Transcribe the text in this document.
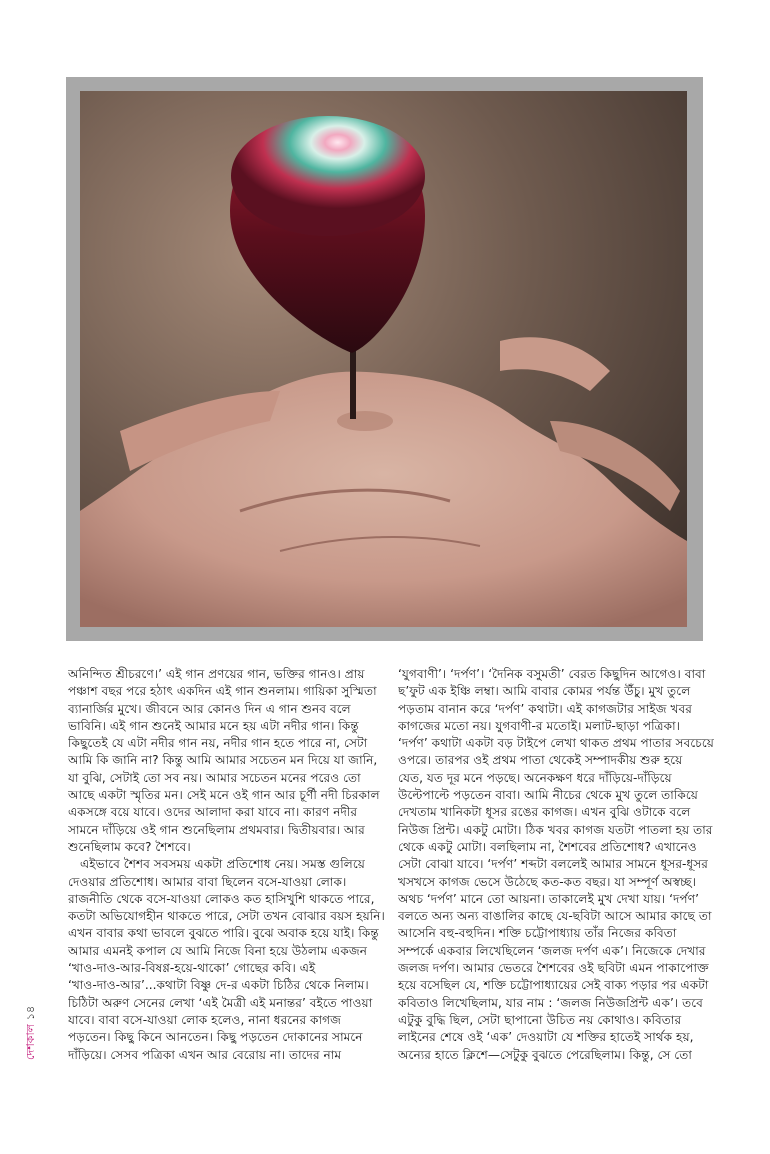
অনিন্দিত শ্রীচরণে।’ এই গান প্রণয়ের গান, ভক্তির গানও। প্রায়
পঞ্চাশ বছর পরে হঠাৎ একদিন এই গান শুনলাম। গায়িকা সুস্মিতা
ব্যানার্জির মুখে। জীবনে আর কোনও দিন এ গান শুনব বলে
ভাবিনি। এই গান শুনেই আমার মনে হয় এটা নদীর গান। কিন্তু
কিছুতেই যে এটা নদীর গান নয়, নদীর গান হতে পারে না, সেটা
আমি কি জানি না? কিন্তু আমি আমার সচেতন মন দিয়ে যা জানি,
যা বুঝি, সেটাই তো সব নয়। আমার সচেতন মনের পরেও তো
আছে একটা স্মৃতির মন। সেই মনে ওই গান আর চূর্ণী নদী চিরকাল
একসঙ্গে বয়ে যাবে। ওদের আলাদা করা যাবে না। কারণ নদীর
সামনে দাঁড়িয়ে ওই গান শুনেছিলাম প্রথমবার। দ্বিতীয়বার। আর
শুনেছিলাম কবে? শৈশবে।
এইভাবে শৈশব সবসময় একটা প্রতিশোধ নেয়। সমস্ত গুলিয়ে
দেওয়ার প্রতিশোধ। আমার বাবা ছিলেন বসে-যাওয়া লোক।
রাজনীতি থেকে বসে-যাওয়া লোকও কত হাসিখুশি থাকতে পারে,
কতটা অভিযোগহীন থাকতে পারে, সেটা তখন বোঝার বয়স হয়নি।
এখন বাবার কথা ভাবলে বুঝতে পারি। বুঝে অবাক হয়ে যাই। কিন্তু
আমার এমনই কপাল যে আমি নিজে বিনা হয়ে উঠলাম একজন
‘খাও-দাও-আর-বিষণ্ণ-হয়ে-থাকো’ গোছের কবি। এই
‘খাও-দাও-আর’...কথাটা বিষ্ণু দে-র একটা চিঠির থেকে নিলাম।
চিঠিটা অরুণ সেনের লেখা ‘এই মৈত্রী এই মনান্তর’ বইতে পাওয়া
যাবে। বাবা বসে-যাওয়া লোক হলেও, নানা ধরনের কাগজ
পড়তেন। কিছু কিনে আনতেন। কিছু পড়তেন দোকানের সামনে
দাঁড়িয়ে। সেসব পত্রিকা এখন আর বেরোয় না। তাদের নাম
‘যুগবাণী’। ‘দর্পণ’। ‘দৈনিক বসুমতী’ বেরত কিছুদিন আগেও। বাবা
ছ’ফুট এক ইঞ্চি লম্বা। আমি বাবার কোমর পর্যন্ত উঁচু। মুখ তুলে
পড়তাম বানান করে ‘দর্পণ’ কথাটা। এই কাগজটার সাইজ খবর
কাগজের মতো নয়। যুগবাণী-র মতোই। মলাট-ছাড়া পত্রিকা।
‘দর্পণ’ কথাটা একটা বড় টাইপে লেখা থাকত প্রথম পাতার সবচেয়ে
ওপরে। তারপর ওই প্রথম পাতা থেকেই সম্পাদকীয় শুরু হয়ে
যেত, যত দূর মনে পড়ছে। অনেকক্ষণ ধরে দাঁড়িয়ে-দাঁড়িয়ে
উল্টেপাল্টে পড়তেন বাবা। আমি নীচের থেকে মুখ তুলে তাকিয়ে
দেখতাম খানিকটা ধূসর রঙের কাগজ। এখন বুঝি ওটাকে বলে
নিউজ প্রিন্ট। একটু মোটা। ঠিক খবর কাগজ যতটা পাতলা হয় তার
থেকে একটু মোটা। বলছিলাম না, শৈশবের প্রতিশোধ? এখানেও
সেটা বোঝা যাবে। ‘দর্পণ’ শব্দটা বললেই আমার সামনে ধূসর-ধূসর
খসখসে কাগজ ভেসে উঠেছে কত-কত বছর। যা সম্পূর্ণ অস্বচ্ছ।
অথচ ‘দর্পণ’ মানে তো আয়না। তাকালেই মুখ দেখা যায়। ‘দর্পণ’
বলতে অন্য অন্য বাঙালির কাছে যে-ছবিটা আসে আমার কাছে তা
আসেনি বহু-বহুদিন। শক্তি চট্টোপাধ্যায় তাঁর নিজের কবিতা
সম্পর্কে একবার লিখেছিলেন ‘জলজ দর্পণ এক’। নিজেকে দেখার
জলজ দর্পণ। আমার ভেতরে শৈশবের ওই ছবিটা এমন পাকাপোক্ত
হয়ে বসেছিল যে, শক্তি চট্টোপাধ্যায়ের সেই বাক্য পড়ার পর একটা
কবিতাও লিখেছিলাম, যার নাম : ‘জলজ নিউজপ্রিন্ট এক’। তবে
এটুকু বুদ্ধি ছিল, সেটা ছাপানো উচিত নয় কোথাও। কবিতার
লাইনের শেষে ওই ‘এক’ দেওয়াটা যে শক্তির হাতেই সার্থক হয়,
অন্যের হাতে ক্লিশে—সেটুকু বুঝতে পেরেছিলাম। কিন্তু, সে তো
দেশকাল১৪
